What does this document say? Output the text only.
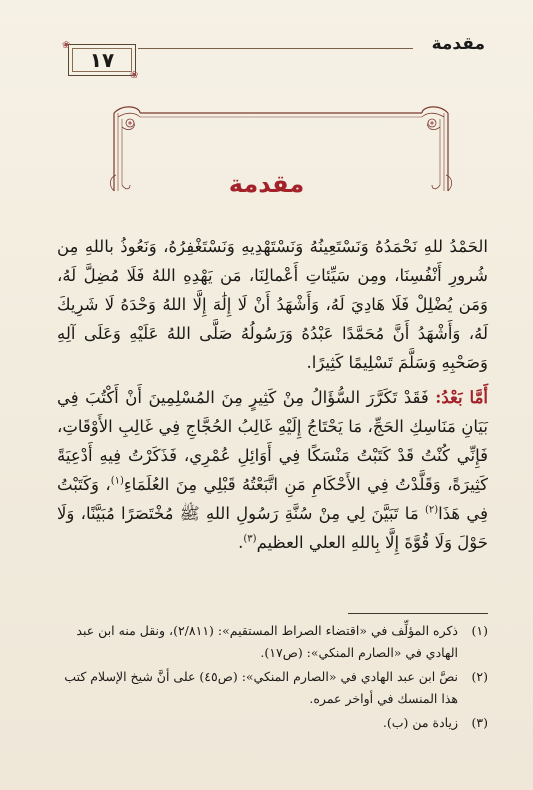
مقدمة
١٧
❀
❀
مقدمة

الحَمْدُ للهِ نَحْمَدُهُ وَنَسْتَعِينُهُ وَنَسْتَهْدِيهِ وَنَسْتَغْفِرُهُ، وَنَعُوذُ باللهِ مِن شُرورِ أَنْفُسِنَا، ومِن سَيِّئاتِ أَعْمالِنَا، مَن يَهْدِهِ اللهُ فَلَا مُضِلَّ لَهُ، وَمَن يُضْلِلْ فَلَا هَادِيَ لَهُ، وَأَشْهَدُ أَنْ لَا إِلَٰهَ إِلَّا اللهُ وَحْدَهُ لَا شَرِيكَ لَهُ، وَأَشْهَدُ أَنَّ مُحَمَّدًا عَبْدُهُ وَرَسُولُهُ صَلَّى اللهُ عَلَيْهِ وَعَلَى آلِهِ وَصَحْبِهِ وَسَلَّمَ تَسْلِيمًا كَثِيرًا.

أَمَّا بَعْدُ: فَقَدْ تَكَرَّرَ السُّؤَالُ مِنْ كَثِيرٍ مِنَ المُسْلِمِينَ أَنْ أَكْتُبَ فِي بَيَانِ مَنَاسِكِ الحَجِّ، مَا يَحْتَاجُ إِلَيْهِ غَالِبُ الحُجَّاجِ فِي غَالِبِ الأَوْقَاتِ، فَإِنِّي كُنْتُ قَدْ كَتَبْتُ مَنْسَكًا فِي أَوَائِلِ عُمْرِي، فَذَكَرْتُ فِيهِ أَدْعِيَةً كَثِيرَةً، وَقَلَّدْتُ فِي الأَحْكَامِ مَنِ اتَّبَعْتُهُ قَبْلِي مِنَ العُلَمَاءِ$^{(١)}$، وَكَتَبْتُ فِي هَذَا$^{(٢)}$ مَا تَبَيَّنَ لِي مِنْ سُنَّةِ رَسُولِ اللهِ ﷺ مُخْتَصَرًا مُبَيَّنًا، وَلَا حَوْلَ وَلَا قُوَّةَ إِلَّا بِاللهِ العلي العظيم$^{(٣)}$.

(١)
ذكره المؤلِّف في «اقتضاء الصراط المستقيم»: (٢/٨١١)، ونقل منه ابن عبد الهادي في «الصارم المنكي»: (ص١٧).
(٢)
نصَّ ابن عبد الهادي في «الصارم المنكي»: (ص٤٥) على أنَّ شيخ الإسلام كتب هذا المنسك في أواخر عمره.
(٣)
زيادة من (ب).
